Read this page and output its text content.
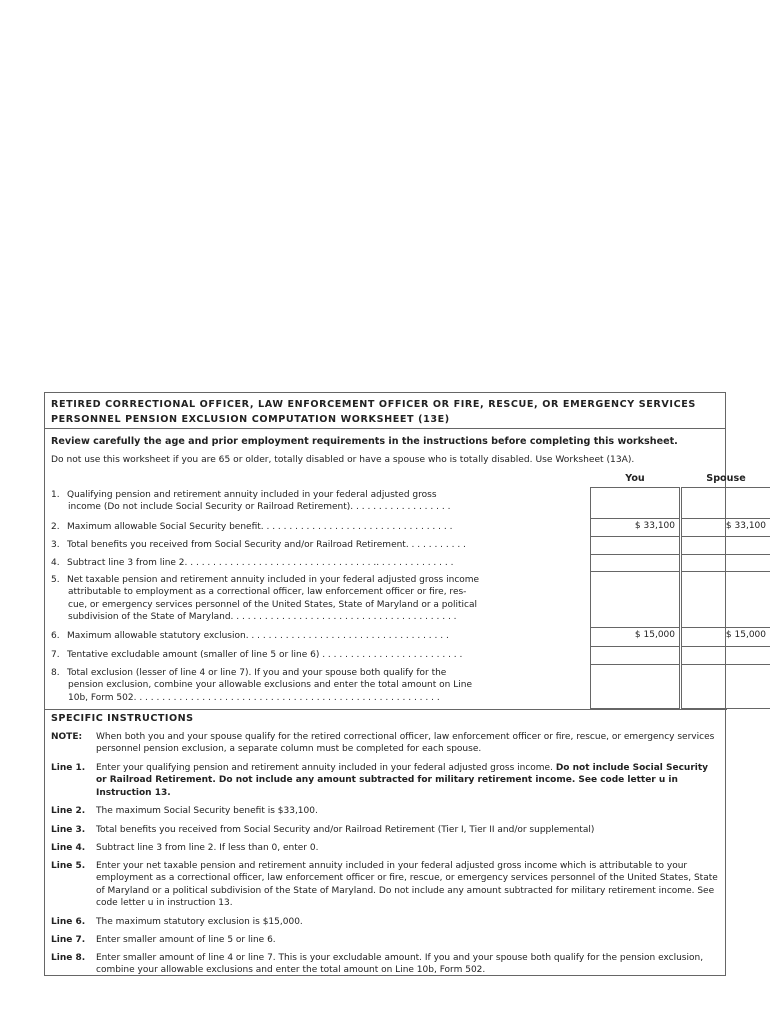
RETIRED CORRECTIONAL OFFICER, LAW ENFORCEMENT OFFICER OR FIRE, RESCUE, OR EMERGENCY SERVICES
PERSONNEL PENSION EXCLUSION COMPUTATION WORKSHEET (13E)
Review carefully the age and prior employment requirements in the instructions before completing this worksheet.
Do not use this worksheet if you are 65 or older, totally disabled or have a spouse who is totally disabled. Use Worksheet (13A).
You	Spouse
1. Qualifying pension and retirement annuity included in your federal adjusted gross
income (Do not include Social Security or Railroad Retirement). . . . . . . . . . . . . . . . . .
2. Maximum allowable Social Security benefit. . . . . . . . . . . . . . . . . . . . . . . . . . . . . . . . . .	$ 33,100	$ 33,100
3. Total benefits you received from Social Security and/or Railroad Retirement. . . . . . . . . . .
4. Subtract line 3 from line 2. . . . . . . . . . . . . . . . . . . . . . . . . . . . . . . . . .. . . . . . . . . . . . . .
5. Net taxable pension and retirement annuity included in your federal adjusted gross income
attributable to employment as a correctional officer, law enforcement officer or fire, res-
cue, or emergency services personnel of the United States, State of Maryland or a political
subdivision of the State of Maryland. . . . . . . . . . . . . . . . . . . . . . . . . . . . . . . . . . . . . . . .
6. Maximum allowable statutory exclusion. . . . . . . . . . . . . . . . . . . . . . . . . . . . . . . . . . . .	$ 15,000	$ 15,000
7. Tentative excludable amount (smaller of line 5 or line 6) . . . . . . . . . . . . . . . . . . . . . . . . .
8. Total exclusion (lesser of line 4 or line 7). If you and your spouse both qualify for the
pension exclusion, combine your allowable exclusions and enter the total amount on Line
10b, Form 502. . . . . . . . . . . . . . . . . . . . . . . . . . . . . . . . . . . . . . . . . . . . . . . . . . . . . .
SPECIFIC INSTRUCTIONS
NOTE: When both you and your spouse qualify for the retired correctional officer, law enforcement officer or fire, rescue, or emergency services personnel pension exclusion, a separate column must be completed for each spouse.
Line 1. Enter your qualifying pension and retirement annuity included in your federal adjusted gross income. Do not include Social Security or Railroad Retirement. Do not include any amount subtracted for military retirement income. See code letter u in Instruction 13.
Line 2. The maximum Social Security benefit is $33,100.
Line 3. Total benefits you received from Social Security and/or Railroad Retirement (Tier I, Tier II and/or supplemental)
Line 4. Subtract line 3 from line 2. If less than 0, enter 0.
Line 5. Enter your net taxable pension and retirement annuity included in your federal adjusted gross income which is attributable to your employment as a correctional officer, law enforcement officer or fire, rescue, or emergency services personnel of the United States, State of Maryland or a political subdivision of the State of Maryland. Do not include any amount subtracted for military retirement income. See code letter u in instruction 13.
Line 6. The maximum statutory exclusion is $15,000.
Line 7. Enter smaller amount of line 5 or line 6.
Line 8. Enter smaller amount of line 4 or line 7. This is your excludable amount. If you and your spouse both qualify for the pension exclusion, combine your allowable exclusions and enter the total amount on Line 10b, Form 502.
